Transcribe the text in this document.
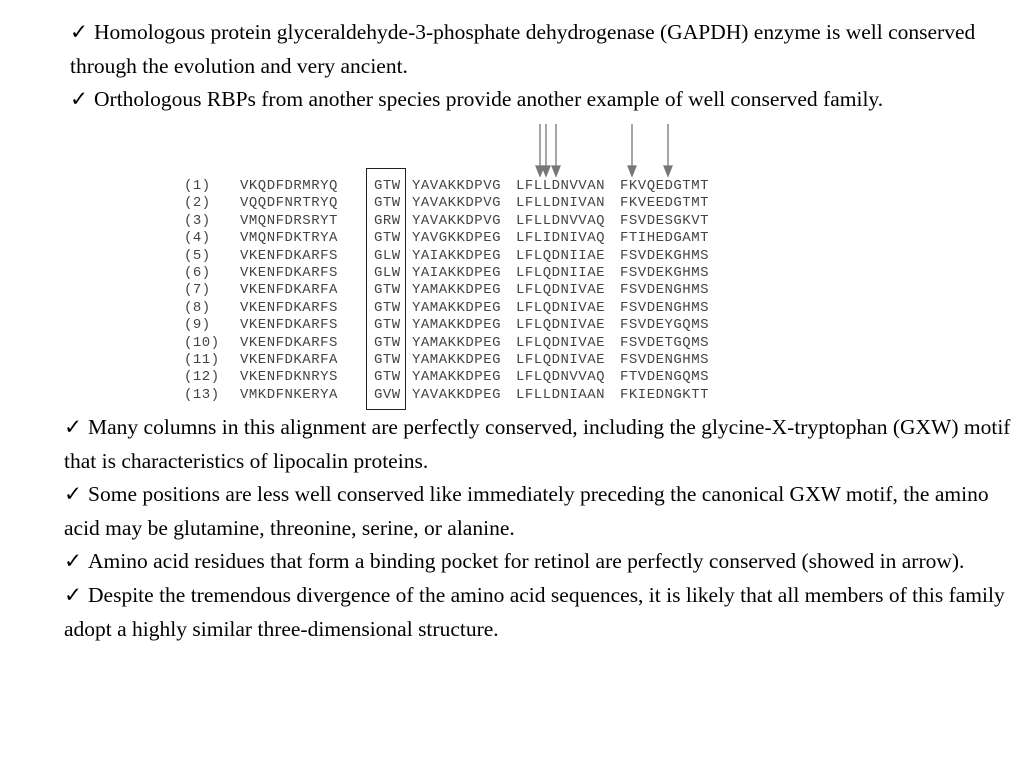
✓ Homologous protein glyceraldehyde-3-phosphate dehydrogenase (GAPDH) enzyme is well conserved through the evolution and very ancient.
✓ Orthologous RBPs from another species provide another example of well conserved family.
(1) VKQDFDRMRYQ	GTW YAVAKKDPVG LFLLDNVVAN FKVQEDGTMT
(2) VQQDFNRTRYQ	GTW YAVAKKDPVG LFLLDNIVAN FKVEEDGTMT
(3) VMQNFDRSRYT	GRW YAVAKKDPVG LFLLDNVVAQ FSVDESGKVT
(4) VMQNFDKTRYA	GTW YAVGKKDPEG LFLIDNIVAQ FTIHEDGAMT
(5) VKENFDKARFS	GLW YAIAKKDPEG LFLQDNIIAE FSVDEKGHMS
(6) VKENFDKARFS	GLW YAIAKKDPEG LFLQDNIIAE FSVDEKGHMS
(7) VKENFDKARFA	GTW YAMAKKDPEG LFLQDNIVAE FSVDENGHMS
(8) VKENFDKARFS	GTW YAMAKKDPEG LFLQDNIVAE FSVDENGHMS
(9) VKENFDKARFS	GTW YAMAKKDPEG LFLQDNIVAE FSVDEYGQMS
(10) VKENFDKARFS	GTW YAMAKKDPEG LFLQDNIVAE FSVDETGQMS
(11) VKENFDKARFA	GTW YAMAKKDPEG LFLQDNIVAE FSVDENGHMS
(12) VKENFDKNRYS	GTW YAMAKKDPEG LFLQDNVVAQ FTVDENGQMS
(13) VMKDFNKERYA	GVW YAVAKKDPEG LFLLDNIAAN FKIEDNGKTT
✓ Many columns in this alignment are perfectly conserved, including the glycine-X-tryptophan (GXW) motif that is characteristics of lipocalin proteins.
✓ Some positions are less well conserved like immediately preceding the canonical GXW motif, the amino acid may be glutamine, threonine, serine, or alanine.
✓ Amino acid residues that form a binding pocket for retinol are perfectly conserved (showed in arrow).
✓ Despite the tremendous divergence of the amino acid sequences, it is likely that all members of this family adopt a highly similar three-dimensional structure.
